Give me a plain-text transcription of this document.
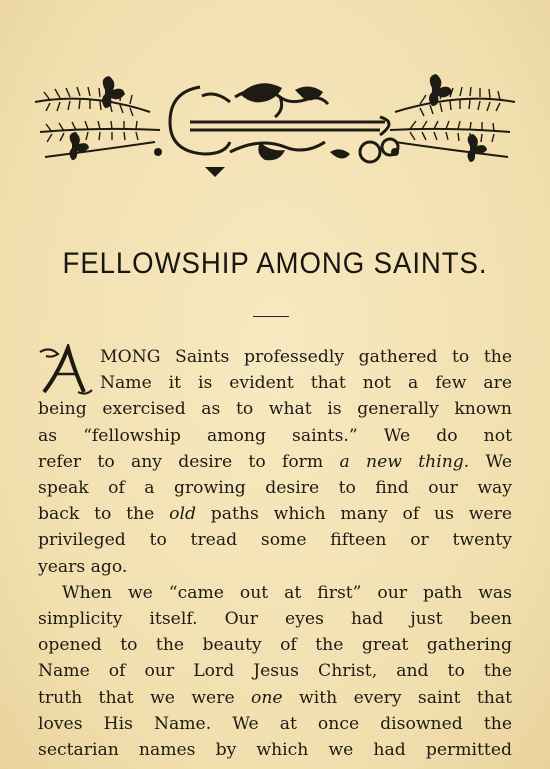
FELLOWSHIP AMONG SAINTS.

MONG Saints professedly gathered to the
Name it is evident that not a few are
being exercised as to what is generally known
as “fellowship among saints.” We do not
refer to any desire to form a new thing. We
speak of a growing desire to find our way
back to the old paths which many of us were
privileged to tread some fifteen or twenty
years ago.

When we “came out at first” our path was
simplicity itself. Our eyes had just been
opened to the beauty of the great gathering
Name of our Lord Jesus Christ, and to the
truth that we were one with every saint that
loves His Name. We at once disowned the
sectarian names by which we had permitted
